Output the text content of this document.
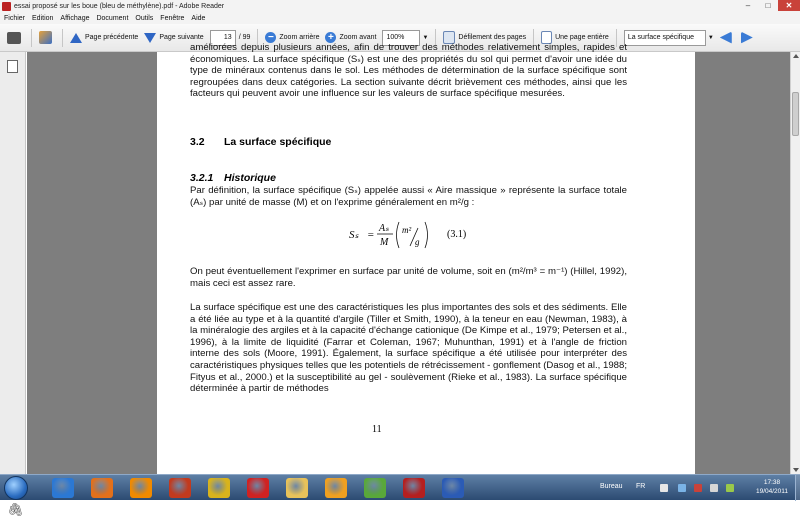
essai proposé sur les boue (bleu de méthylène).pdf - Adobe Reader	–	□	✕
Fichier Edition Affichage Document Outils Fenêtre Aide
Page précédente	Page suivante	13	/ 99 − Zoom arrière + Zoom avant	100%	▼	Défilement des pages	Une page entière	La surface spécifique	▼
🖇

améliorées depuis plusieurs années, afin de trouver des méthodes relativement simples, rapides et économiques. La surface spécifique (Sₛ) est une des propriétés du sol qui permet d'avoir une idée du type de minéraux contenus dans le sol. Les méthodes de détermination de la surface spécifique sont regroupées dans deux catégories. La section suivante décrit brièvement ces méthodes, ainsi que les facteurs qui peuvent avoir une influence sur les valeurs de surface spécifique mesurées.

3.2 La surface spécifique
3.2.1 Historique

Par définition, la surface spécifique (Sₛ) appelée aussi « Aire massique » représente la surface totale (Aₛ) par unité de masse (M) et on l'exprime généralement en m²/g :

Sₛ =
Aₛ
M
m²
g
(3.1)

On peut éventuellement l'exprimer en surface par unité de volume, soit en (m²/m³ = m⁻¹) (Hillel, 1992), mais ceci est assez rare.

La surface spécifique est une des caractéristiques les plus importantes des sols et des sédiments. Elle a été liée au type et à la quantité d'argile (Tiller et Smith, 1990), à la teneur en eau (Newman, 1983), à la minéralogie des argiles et à la capacité d'échange cationique (De Kimpe et al., 1979; Petersen et al., 1996), à la limite de liquidité (Farrar et Coleman, 1967; Muhunthan, 1991) et à l'angle de friction interne des sols (Moore, 1991). Également, la surface spécifique a été utilisée pour interpréter des caractéristiques physiques telles que les potentiels de rétrécissement - gonflement (Dasog et al., 1988; Fityus et al., 2000.) et la susceptibilité au gel - soulèvement (Rieke et al., 1983). La surface spécifique déterminée à partir de méthodes

11
Bureau FR
17:38
19/04/2011
